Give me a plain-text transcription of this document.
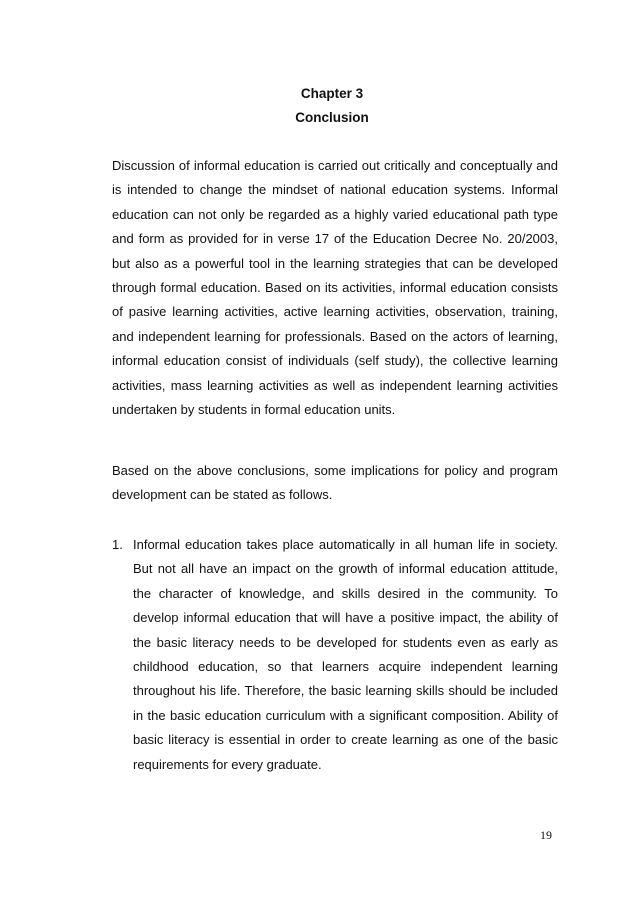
Chapter 3
Conclusion

Discussion of informal education is carried out critically and conceptually and is intended to change the mindset of national education systems. Informal education can not only be regarded as a highly varied educational path type and form as provided for in verse 17 of the Education Decree No. 20/2003, but also as a powerful tool in the learning strategies that can be developed through formal education. Based on its activities, informal education consists of pasive learning activities, active learning activities, observation, training, and independent learning for professionals. Based on the actors of learning, informal education consist of individuals (self study), the collective learning activities, mass learning activities as well as independent learning activities undertaken by students in formal education units.

Based on the above conclusions, some implications for policy and program development can be stated as follows.

1. Informal education takes place automatically in all human life in society. But not all have an impact on the growth of informal education attitude, the character of knowledge, and skills desired in the community. To develop informal education that will have a positive impact, the ability of the basic literacy needs to be developed for students even as early as childhood education, so that learners acquire independent learning throughout his life. Therefore, the basic learning skills should be included in the basic education curriculum with a significant composition. Ability of basic literacy is essential in order to create learning as one of the basic requirements for every graduate.

19
